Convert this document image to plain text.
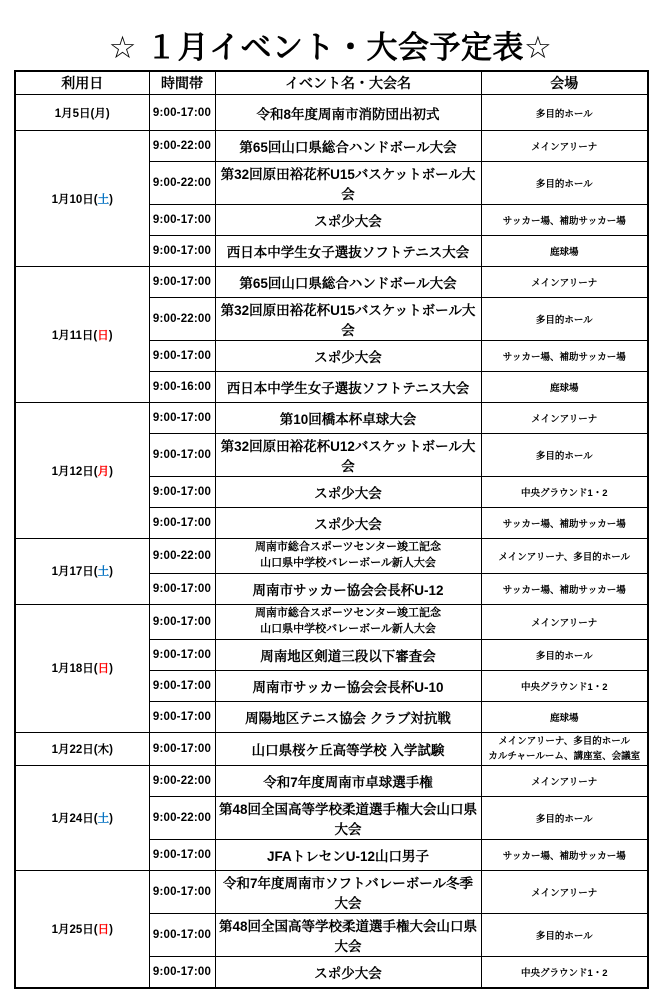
☆ １月イベント・大会予定表☆
利用日	時間帯	イベント名・大会名	会場
1月5日(月)	9:00-17:00	令和8年度周南市消防団出初式	多目的ホール

1月10日(土)	9:00-22:00	第65回山口県総合ハンドボール大会	メインアリーナ

	9:00-22:00	第32回原田裕花杯U15バスケットボール大会	多目的ホール

	9:00-17:00	スポ少大会	サッカー場、補助サッカー場

	9:00-17:00	西日本中学生女子選抜ソフトテニス大会	庭球場

1月11日(日)	9:00-17:00	第65回山口県総合ハンドボール大会	メインアリーナ

	9:00-22:00	第32回原田裕花杯U15バスケットボール大会	多目的ホール

	9:00-17:00	スポ少大会	サッカー場、補助サッカー場

	9:00-16:00	西日本中学生女子選抜ソフトテニス大会	庭球場

1月12日(月)	9:00-17:00	第10回橋本杯卓球大会	メインアリーナ

	9:00-17:00	第32回原田裕花杯U12バスケットボール大会	多目的ホール

	9:00-17:00	スポ少大会	中央グラウンド1・2

	9:00-17:00	スポ少大会	サッカー場、補助サッカー場

1月17日(土)	9:00-22:00	周南市総合スポーツセンター竣工記念
山口県中学校バレーボール新人大会	メインアリーナ、多目的ホール

	9:00-17:00	周南市サッカー協会会長杯U-12	サッカー場、補助サッカー場

1月18日(日)	9:00-17:00	周南市総合スポーツセンター竣工記念
山口県中学校バレーボール新人大会	メインアリーナ

	9:00-17:00	周南地区剣道三段以下審査会	多目的ホール

	9:00-17:00	周南市サッカー協会会長杯U-10	中央グラウンド1・2

	9:00-17:00	周陽地区テニス協会 クラブ対抗戦	庭球場

1月22日(木)	9:00-17:00	山口県桜ケ丘高等学校 入学試験	メインアリーナ、多目的ホール
カルチャールーム、講座室、会議室

1月24日(土)	9:00-22:00	令和7年度周南市卓球選手権	メインアリーナ

	9:00-22:00	第48回全国高等学校柔道選手権大会山口県大会	多目的ホール

	9:00-17:00	JFAトレセンU-12山口男子	サッカー場、補助サッカー場

1月25日(日)	9:00-17:00	令和7年度周南市ソフトバレーボール冬季大会	メインアリーナ

	9:00-17:00	第48回全国高等学校柔道選手権大会山口県大会	多目的ホール

	9:00-17:00	スポ少大会	中央グラウンド1・2
